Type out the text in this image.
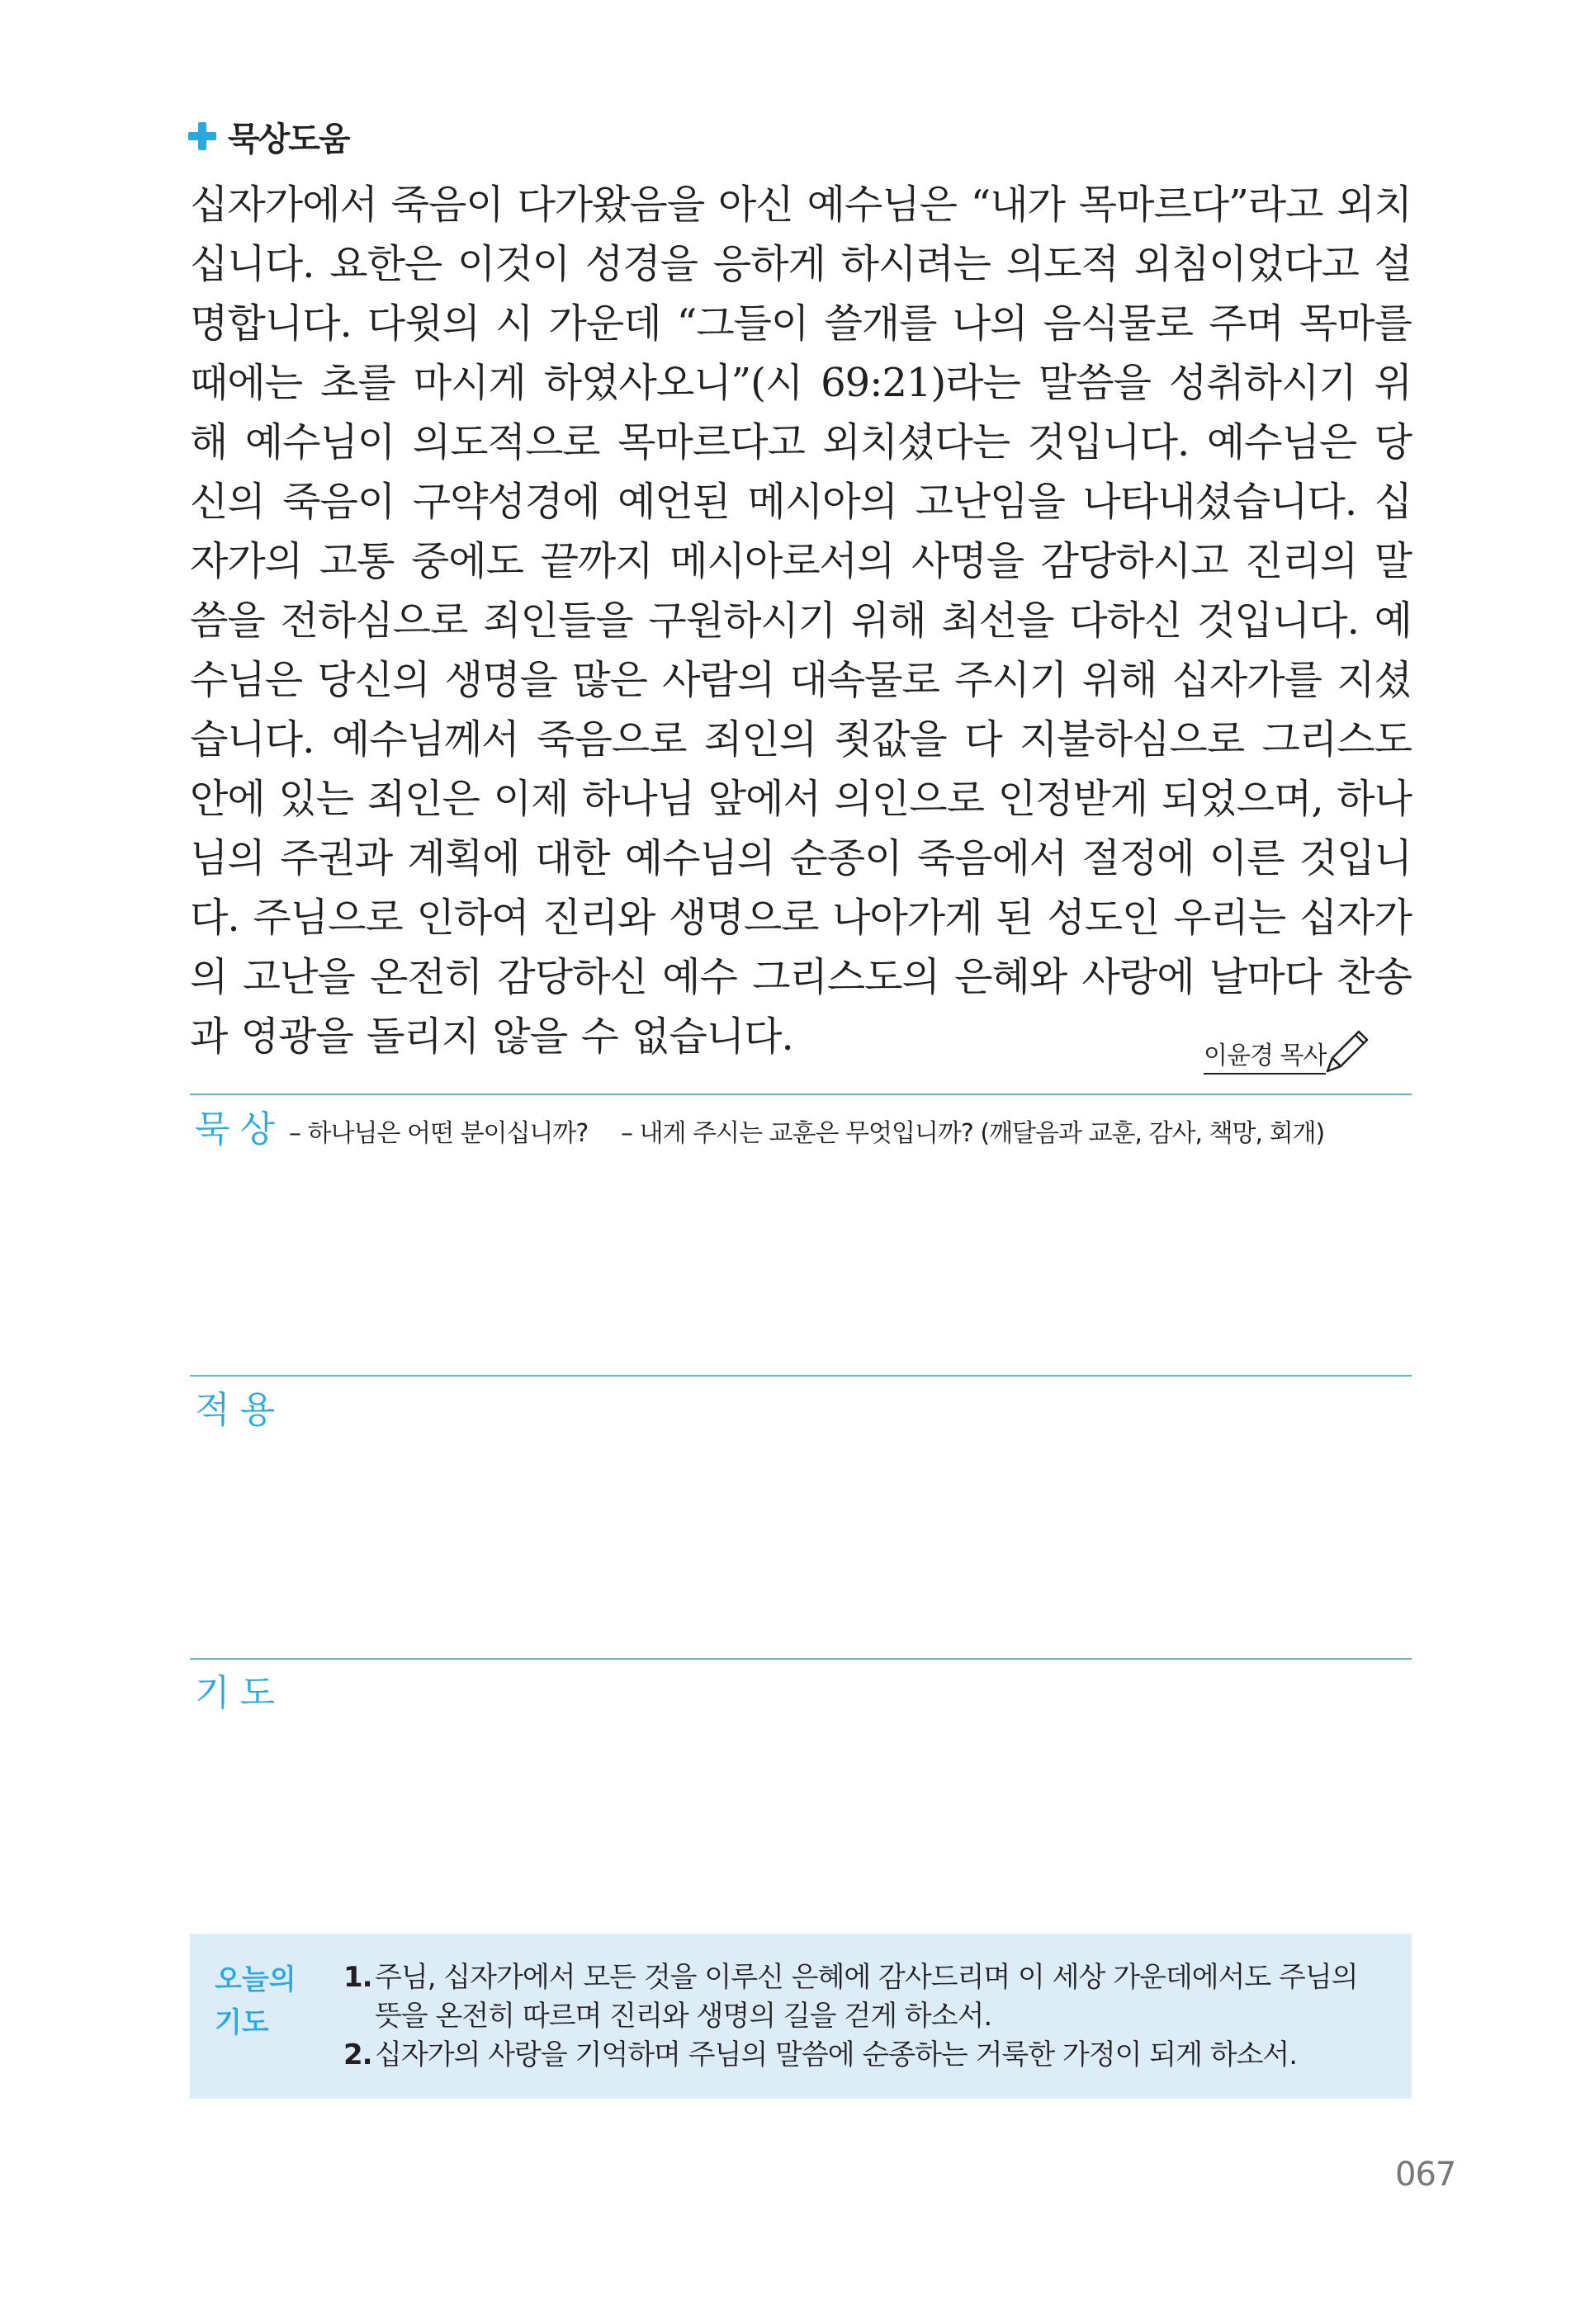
묵상도움

십자가에서 죽음이 다가왔음을 아신 예수님은 “내가 목마르다”라고 외치십니다. 요한은 이것이 성경을 응하게 하시려는 의도적 외침이었다고 설명합니다. 다윗의 시 가운데 “그들이 쓸개를 나의 음식물로 주며 목마를 때에는 초를 마시게 하였사오니”(시 69:21)라는 말씀을 성취하시기 위해 예수님이 의도적으로 목마르다고 외치셨다는 것입니다. 예수님은 당신의 죽음이 구약성경에 예언된 메시아의 고난임을 나타내셨습니다. 십자가의 고통 중에도 끝까지 메시아로서의 사명을 감당하시고 진리의 말씀을 전하심으로 죄인들을 구원하시기 위해 최선을 다하신 것입니다. 예수님은 당신의 생명을 많은 사람의 대속물로 주시기 위해 십자가를 지셨습니다. 예수님께서 죽음으로 죄인의 죗값을 다 지불하심으로 그리스도 안에 있는 죄인은 이제 하나님 앞에서 의인으로 인정받게 되었으며, 하나님의 주권과 계획에 대한 예수님의 순종이 죽음에서 절정에 이른 것입니다. 주님으로 인하여 진리와 생명으로 나아가게 된 성도인 우리는 십자가의 고난을 온전히 감당하신 예수 그리스도의 은혜와 사랑에 날마다 찬송과 영광을 돌리지 않을 수 없습니다.	이윤경 목사
묵상 – 하나님은 어떤 분이십니까? – 내게 주시는 교훈은 무엇입니까? (깨달음과 교훈, 감사, 책망, 회개)
적용
기도
오늘의
기도
1. 주님, 십자가에서 모든 것을 이루신 은혜에 감사드리며 이 세상 가운데에서도 주님의 뜻을 온전히 따르며 진리와 생명의 길을 걷게 하소서.
2. 십자가의 사랑을 기억하며 주님의 말씀에 순종하는 거룩한 가정이 되게 하소서.
067
